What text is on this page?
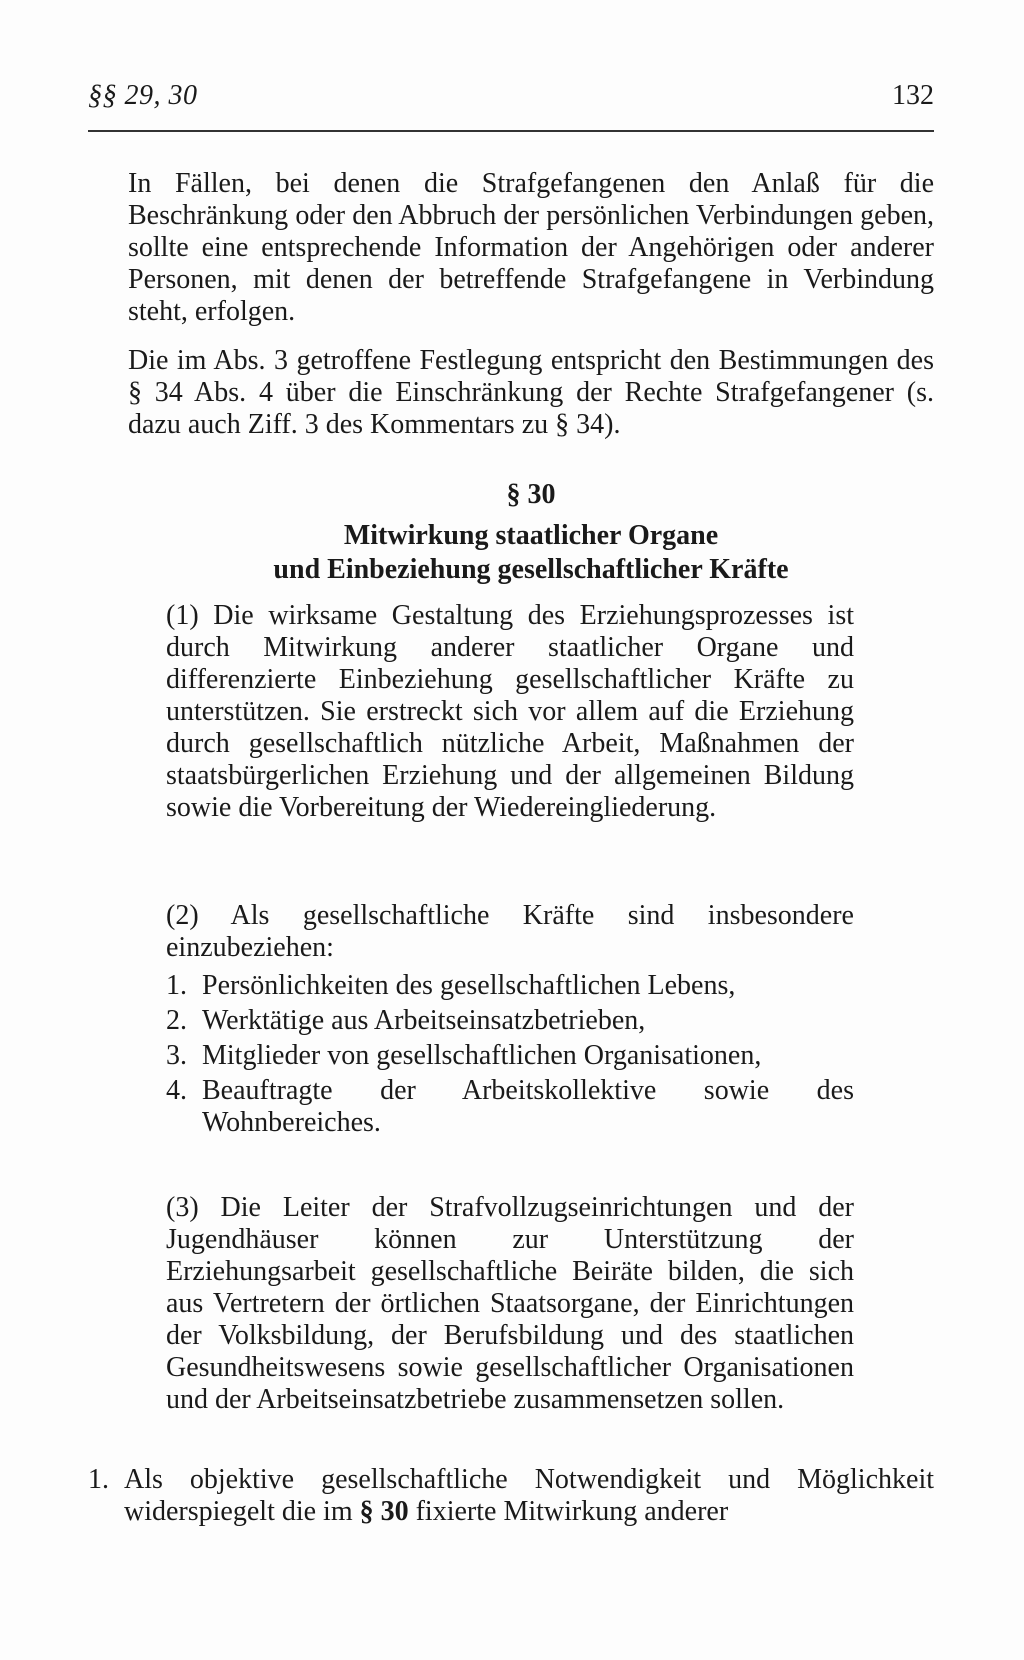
§§ 29, 30	132
In Fällen, bei denen die Strafgefangenen den Anlaß für die Beschränkung oder den Abbruch der persönlichen Verbindungen geben, sollte eine entsprechende Information der Angehörigen oder anderer Personen, mit denen der betreffende Strafgefangene in Verbindung steht, erfolgen.
Die im Abs. 3 getroffene Festlegung entspricht den Bestimmungen des § 34 Abs. 4 über die Einschränkung der Rechte Strafgefangener (s. dazu auch Ziff. 3 des Kommentars zu § 34).
§ 30
Mitwirkung staatlicher Organe
und Einbeziehung gesellschaftlicher Kräfte
(1) Die wirksame Gestaltung des Erziehungsprozesses ist durch Mitwirkung anderer staatlicher Organe und differenzierte Einbeziehung gesellschaftlicher Kräfte zu unterstützen. Sie erstreckt sich vor allem auf die Erziehung durch gesellschaftlich nützliche Arbeit, Maßnahmen der staatsbürgerlichen Erziehung und der allgemeinen Bildung sowie die Vorbereitung der Wiedereingliederung.
(2) Als gesellschaftliche Kräfte sind insbesondere einzubeziehen:
1. Persönlichkeiten des gesellschaftlichen Lebens,
2. Werktätige aus Arbeitseinsatzbetrieben,
3. Mitglieder von gesellschaftlichen Organisationen,
4. Beauftragte der Arbeitskollektive sowie des Wohnbereiches.
(3) Die Leiter der Strafvollzugseinrichtungen und der Jugendhäuser können zur Unterstützung der Erziehungsarbeit gesellschaftliche Beiräte bilden, die sich aus Vertretern der örtlichen Staatsorgane, der Einrichtungen der Volksbildung, der Berufsbildung und des staatlichen Gesundheitswesens sowie gesellschaftlicher Organisationen und der Arbeitseinsatzbetriebe zusammensetzen sollen.
1. Als objektive gesellschaftliche Notwendigkeit und Möglichkeit widerspiegelt die im § 30 fixierte Mitwirkung anderer
